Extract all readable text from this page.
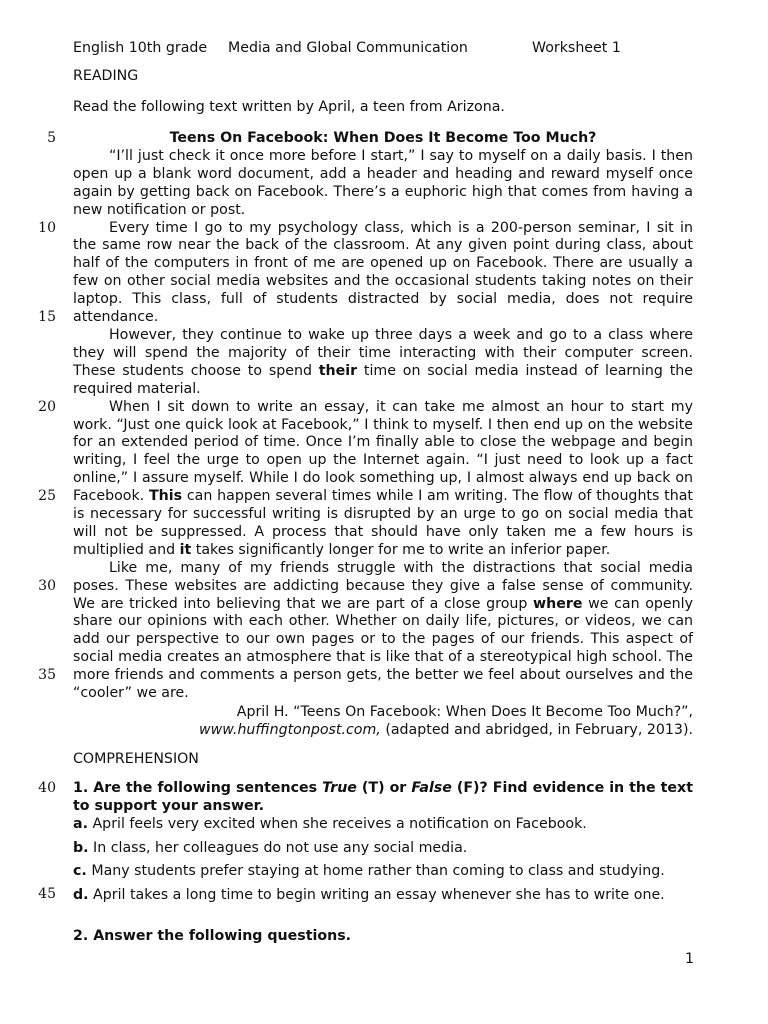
English 10th grade Media and Global Communication	Worksheet 1
READING
Read the following text written by April, a teen from Arizona.
5
10
15
20
25
30
35
40
45

Teens On Facebook: When Does It Become Too Much?

“I’ll just check it once more before I start,” I say to myself on a daily basis. I then open up a blank word document, add a header and heading and reward myself once again by getting back on Facebook. There’s a euphoric high that comes from having a new notification or post.

Every time I go to my psychology class, which is a 200-person seminar, I sit in the same row near the back of the classroom. At any given point during class, about half of the computers in front of me are opened up on Facebook. There are usually a few on other social media websites and the occasional students taking notes on their laptop. This class, full of students distracted by social media, does not require attendance.

However, they continue to wake up three days a week and go to a class where they will spend the majority of their time interacting with their computer screen. These students choose to spend their time on social media instead of learning the required material.

When I sit down to write an essay, it can take me almost an hour to start my work. “Just one quick look at Facebook,” I think to myself. I then end up on the website for an extended period of time. Once I’m finally able to close the webpage and begin writing, I feel the urge to open up the Internet again. “I just need to look up a fact online,” I assure myself. While I do look something up, I almost always end up back on Facebook. This can happen several times while I am writing. The flow of thoughts that is necessary for successful writing is disrupted by an urge to go on social media that will not be suppressed. A process that should have only taken me a few hours is multiplied and it takes significantly longer for me to write an inferior paper.

Like me, many of my friends struggle with the distractions that social media poses. These websites are addicting because they give a false sense of community. We are tricked into believing that we are part of a close group where we can openly share our opinions with each other. Whether on daily life, pictures, or videos, we can add our perspective to our own pages or to the pages of our friends. This aspect of social media creates an atmosphere that is like that of a stereotypical high school. The more friends and comments a person gets, the better we feel about ourselves and the “cooler” we are.

April H. “Teens On Facebook: When Does It Become Too Much?”,
www.huffingtonpost.com, (adapted and abridged, in February, 2013).
COMPREHENSION
1. Are the following sentences True (T) or False (F)? Find evidence in the text to support your answer.
a. April feels very excited when she receives a notification on Facebook.
b. In class, her colleagues do not use any social media.
c. Many students prefer staying at home rather than coming to class and studying.
d. April takes a long time to begin writing an essay whenever she has to write one.
2. Answer the following questions.
1
